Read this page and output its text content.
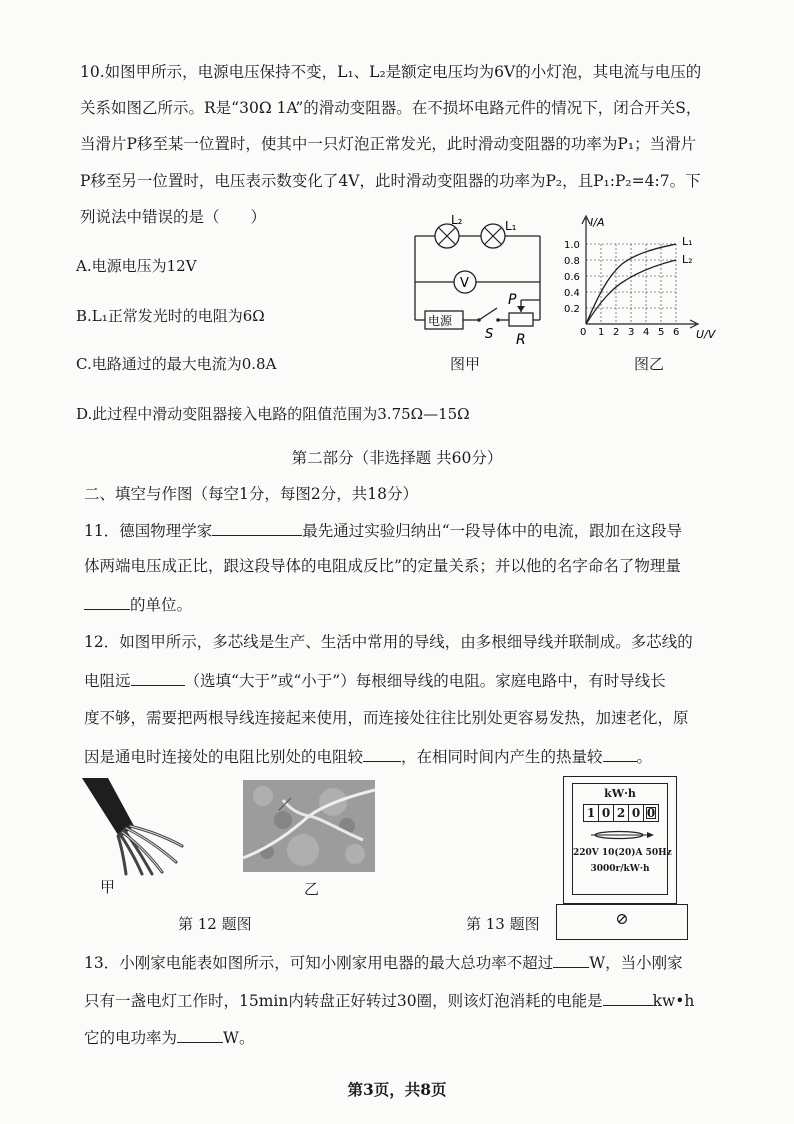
10.如图甲所示，电源电压保持不变，L₁、L₂是额定电压均为6V的小灯泡，其电流与电压的
关系如图乙所示。R是“30Ω 1A”的滑动变阻器。在不损坏电路元件的情况下，闭合开关S，
当滑片P移至某一位置时，使其中一只灯泡正常发光，此时滑动变阻器的功率为P₁；当滑片
P移至另一位置时，电压表示数变化了4V，此时滑动变阻器的功率为P₂，且P₁:P₂=4:7。下
列说法中错误的是（　　）
A.电源电压为12V
B.L₁正常发光时的电阻为6Ω
C.电路通过的最大电流为0.8A
D.此过程中滑动变阻器接入电路的阻值范围为3.75Ω—15Ω
L₂	L₁
V
电源
S
P
R
图甲
I/A
U/V
1.0
0.8
0.6
0.4
0.2
0 1 2 3 4 5 6
L₁
L₂
图乙
第二部分（非选择题 共60分）
二、填空与作图（每空1分，每图2分，共18分）
11．德国物理学家	最先通过实验归纳出“一段导体中的电流，跟加在这段导
体两端电压成正比，跟这段导体的电阻成反比”的定量关系；并以他的名字命名了物理量
的单位。
12．如图甲所示，多芯线是生产、生活中常用的导线，由多根细导线并联制成。多芯线的
电阻远	（选填“大于”或“小于”）每根细导线的电阻。家庭电路中，有时导线长
度不够，需要把两根导线连接起来使用，而连接处往往比别处更容易发热，加速老化，原
因是通电时连接处的电阻比别处的电阻较 ，在相同时间内产生的热量较 。
甲	乙
第 12 题图	第 13 题图
kW·h
1 0 2 0 0
220V 10(20)A 50Hz
3000r/kW·h
⊘
13．小刚家电能表如图所示，可知小刚家用电器的最大总功率不超过 W，当小刚家
只有一盏电灯工作时，15min内转盘正好转过30圈，则该灯泡消耗的电能是	kw•h
它的电功率为	W。
第3页，共8页
